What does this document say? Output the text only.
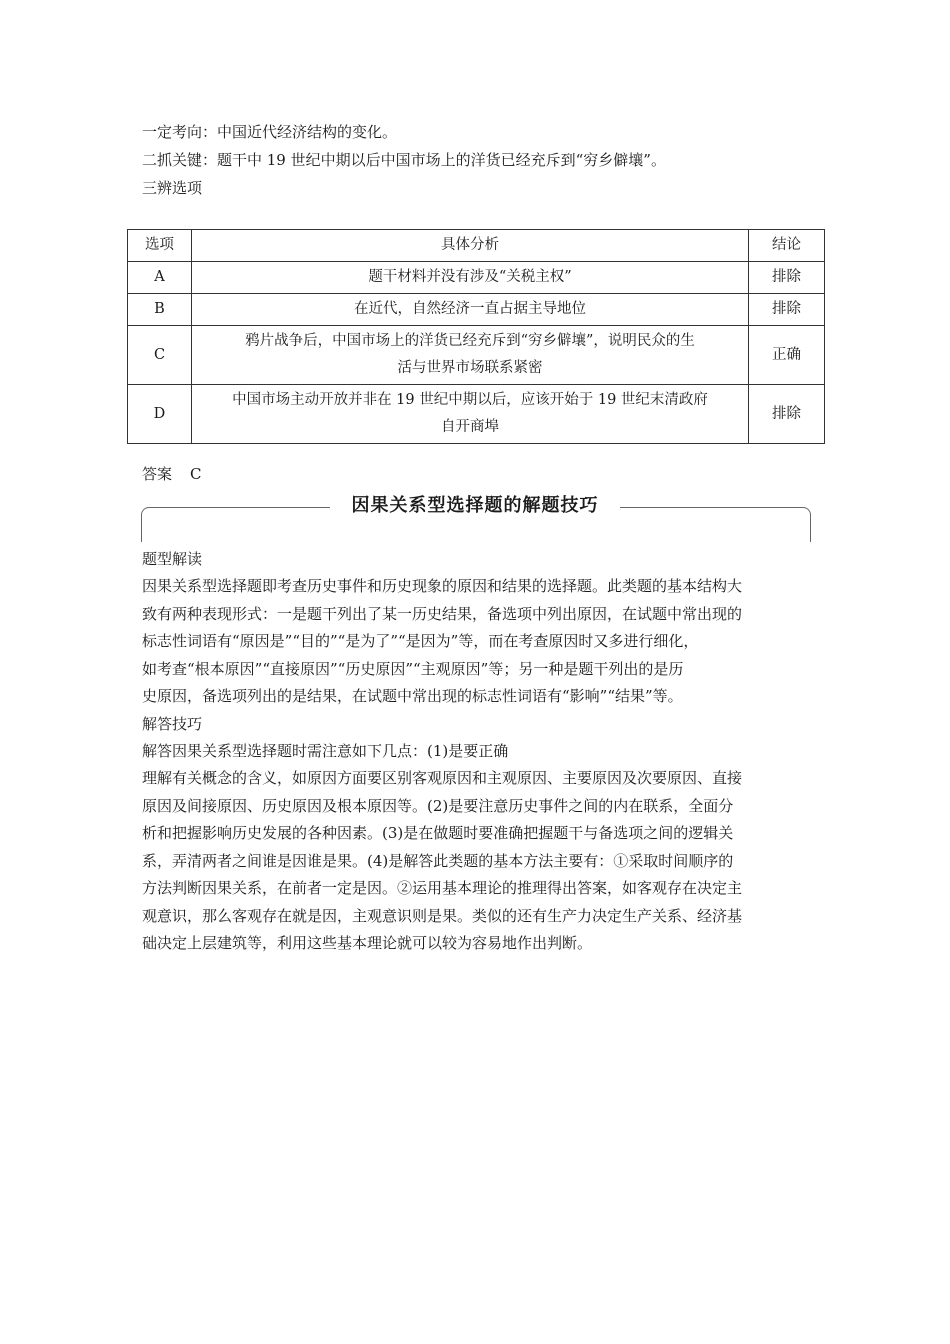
一定考向：中国近代经济结构的变化。
二抓关键：题干中 19 世纪中期以后中国市场上的洋货已经充斥到“穷乡僻壤”。
三辨选项
选项	具体分析	结论
A	题干材料并没有涉及“关税主权”	排除
B	在近代，自然经济一直占据主导地位	排除
C	鸦片战争后，中国市场上的洋货已经充斥到“穷乡僻壤”，说明民众的生
活与世界市场联系紧密	正确
D	中国市场主动开放并非在 19 世纪中期以后，应该开始于 19 世纪末清政府
自开商埠	排除
答案 C
因果关系型选择题的解题技巧
题型解读
因果关系型选择题即考查历史事件和历史现象的原因和结果的选择题。此类题的基本结构大
致有两种表现形式：一是题干列出了某一历史结果，备选项中列出原因，在试题中常出现的
标志性词语有“原因是”“目的”“是为了”“是因为”等，而在考查原因时又多进行细化，
如考查“根本原因”“直接原因”“历史原因”“主观原因”等；另一种是题干列出的是历
史原因，备选项列出的是结果，在试题中常出现的标志性词语有“影响”“结果”等。
解答技巧
解答因果关系型选择题时需注意如下几点：(1)是要正确
理解有关概念的含义，如原因方面要区别客观原因和主观原因、主要原因及次要原因、直接
原因及间接原因、历史原因及根本原因等。(2)是要注意历史事件之间的内在联系，全面分
析和把握影响历史发展的各种因素。(3)是在做题时要准确把握题干与备选项之间的逻辑关
系，弄清两者之间谁是因谁是果。(4)是解答此类题的基本方法主要有：①采取时间顺序的
方法判断因果关系，在前者一定是因。②运用基本理论的推理得出答案，如客观存在决定主
观意识，那么客观存在就是因，主观意识则是果。类似的还有生产力决定生产关系、经济基
础决定上层建筑等，利用这些基本理论就可以较为容易地作出判断。
